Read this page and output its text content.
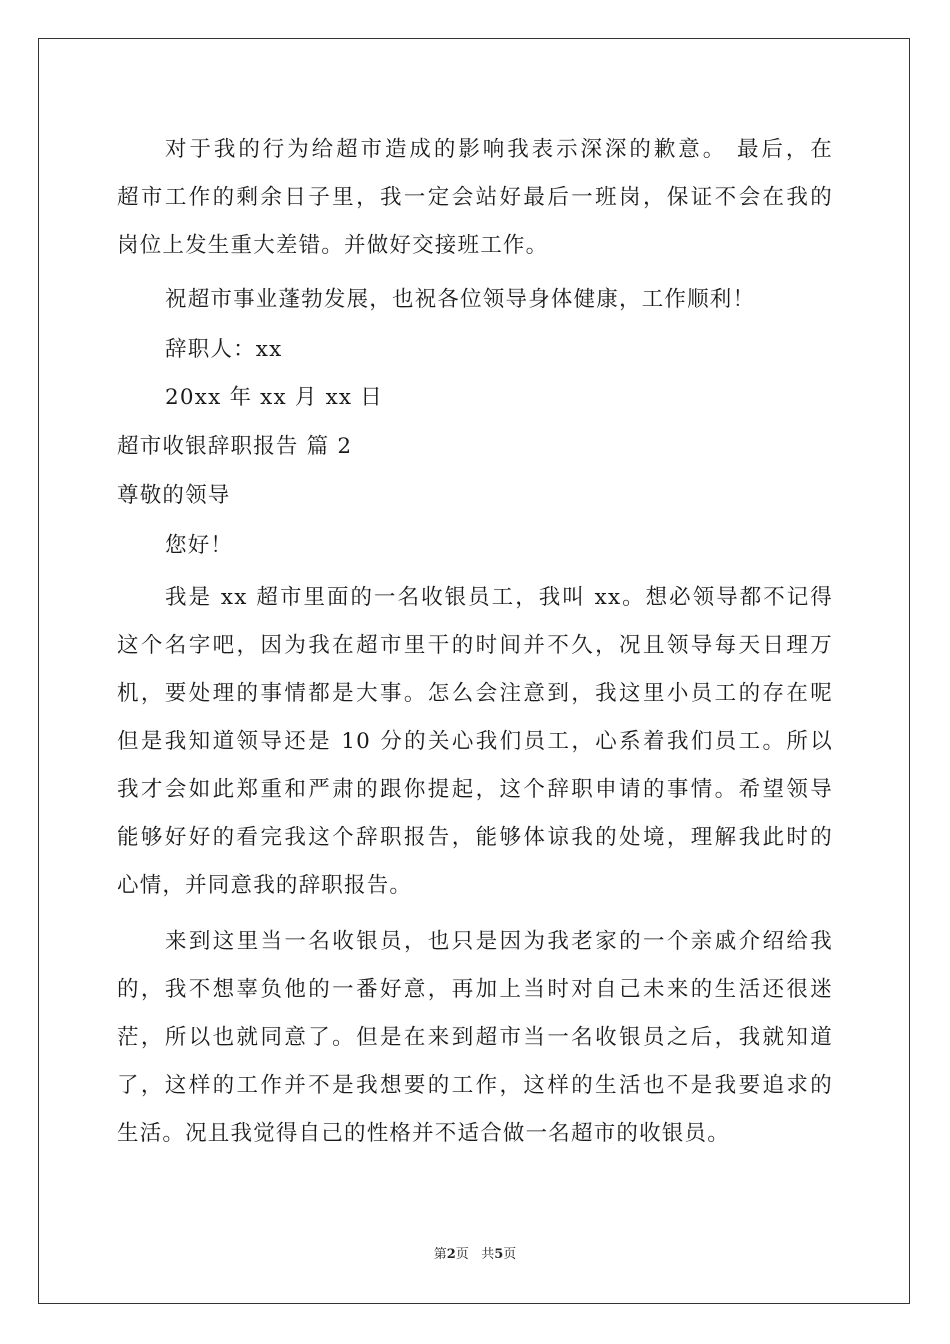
对于我的行为给超市造成的影响我表示深深的歉意。 最后，在
超市工作的剩余日子里，我一定会站好最后一班岗，保证不会在我的
岗位上发生重大差错。并做好交接班工作。
祝超市事业蓬勃发展，也祝各位领导身体健康，工作顺利！
辞职人：xx
20xx 年 xx 月 xx 日
超市收银辞职报告 篇 2
尊敬的领导
您好！
我是 xx 超市里面的一名收银员工，我叫 xx。想必领导都不记得
这个名字吧，因为我在超市里干的时间并不久，况且领导每天日理万
机，要处理的事情都是大事。怎么会注意到，我这里小员工的存在呢
但是我知道领导还是 10 分的关心我们员工，心系着我们员工。所以
我才会如此郑重和严肃的跟你提起，这个辞职申请的事情。希望领导
能够好好的看完我这个辞职报告，能够体谅我的处境，理解我此时的
心情，并同意我的辞职报告。
来到这里当一名收银员，也只是因为我老家的一个亲戚介绍给我
的，我不想辜负他的一番好意，再加上当时对自己未来的生活还很迷
茫，所以也就同意了。但是在来到超市当一名收银员之后，我就知道
了，这样的工作并不是我想要的工作，这样的生活也不是我要追求的
生活。况且我觉得自己的性格并不适合做一名超市的收银员。
第2页 共5页
